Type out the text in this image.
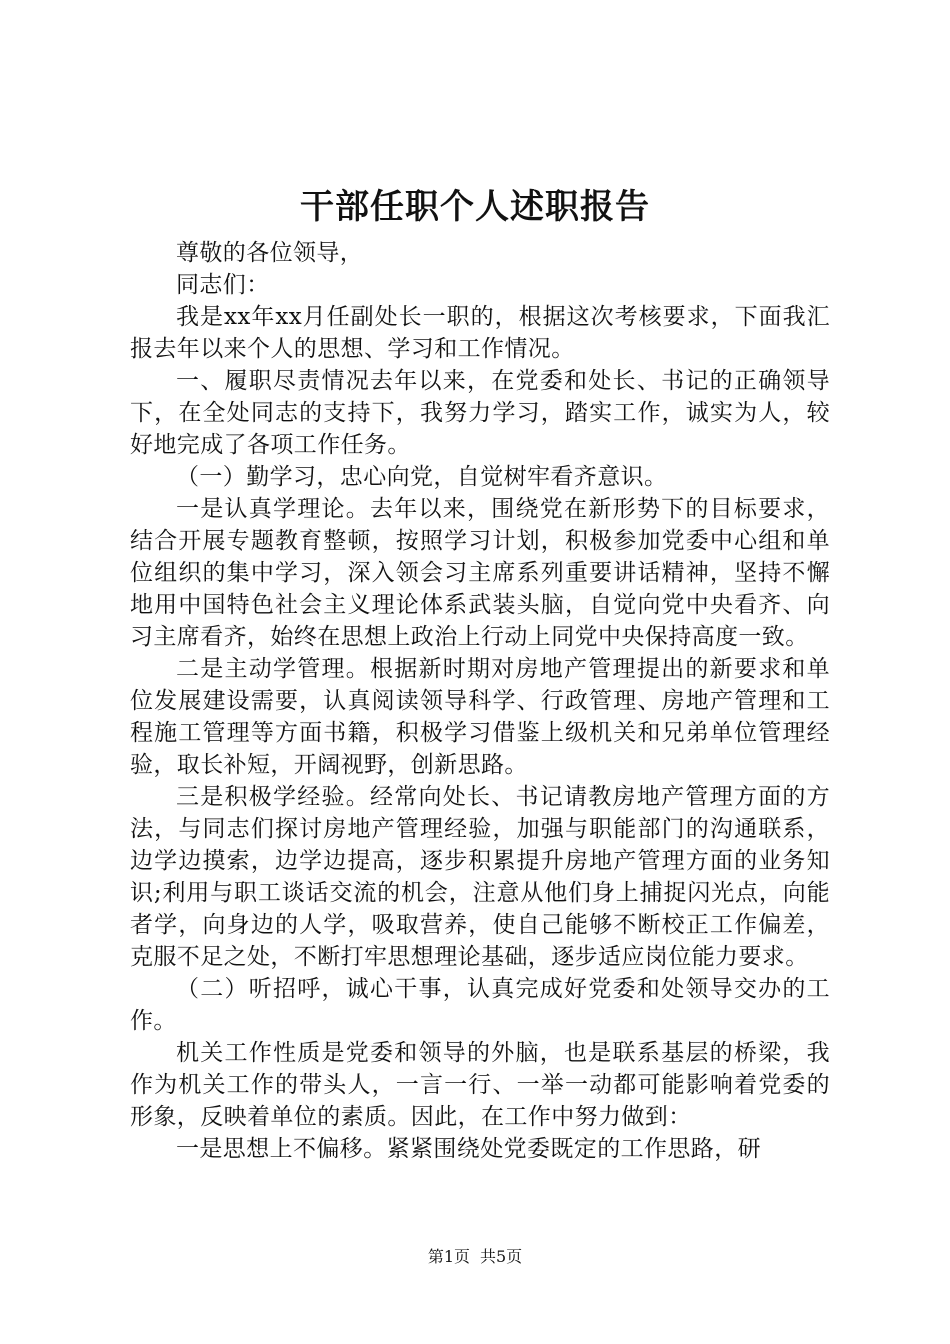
干部任职个人述职报告

尊敬的各位领导，

同志们：

我是xx年xx月任副处长一职的，根据这次考核要求，下面我汇报去年以来个人的思想、学习和工作情况。

一、履职尽责情况去年以来，在党委和处长、书记的正确领导下，在全处同志的支持下，我努力学习，踏实工作，诚实为人，较好地完成了各项工作任务。

（一）勤学习，忠心向党，自觉树牢看齐意识。

一是认真学理论。去年以来，围绕党在新形势下的目标要求，结合开展专题教育整顿，按照学习计划，积极参加党委中心组和单位组织的集中学习，深入领会习主席系列重要讲话精神，坚持不懈地用中国特色社会主义理论体系武装头脑，自觉向党中央看齐、向习主席看齐，始终在思想上政治上行动上同党中央保持高度一致。

二是主动学管理。根据新时期对房地产管理提出的新要求和单位发展建设需要，认真阅读领导科学、行政管理、房地产管理和工程施工管理等方面书籍，积极学习借鉴上级机关和兄弟单位管理经验，取长补短，开阔视野，创新思路。

三是积极学经验。经常向处长、书记请教房地产管理方面的方法，与同志们探讨房地产管理经验，加强与职能部门的沟通联系，边学边摸索，边学边提高，逐步积累提升房地产管理方面的业务知识;利用与职工谈话交流的机会，注意从他们身上捕捉闪光点，向能者学，向身边的人学，吸取营养，使自己能够不断校正工作偏差，克服不足之处，不断打牢思想理论基础，逐步适应岗位能力要求。

（二）听招呼，诚心干事，认真完成好党委和处领导交办的工作。

机关工作性质是党委和领导的外脑，也是联系基层的桥梁，我作为机关工作的带头人，一言一行、一举一动都可能影响着党委的形象，反映着单位的素质。因此，在工作中努力做到：

一是思想上不偏移。紧紧围绕处党委既定的工作思路，研

第1页 共5页
